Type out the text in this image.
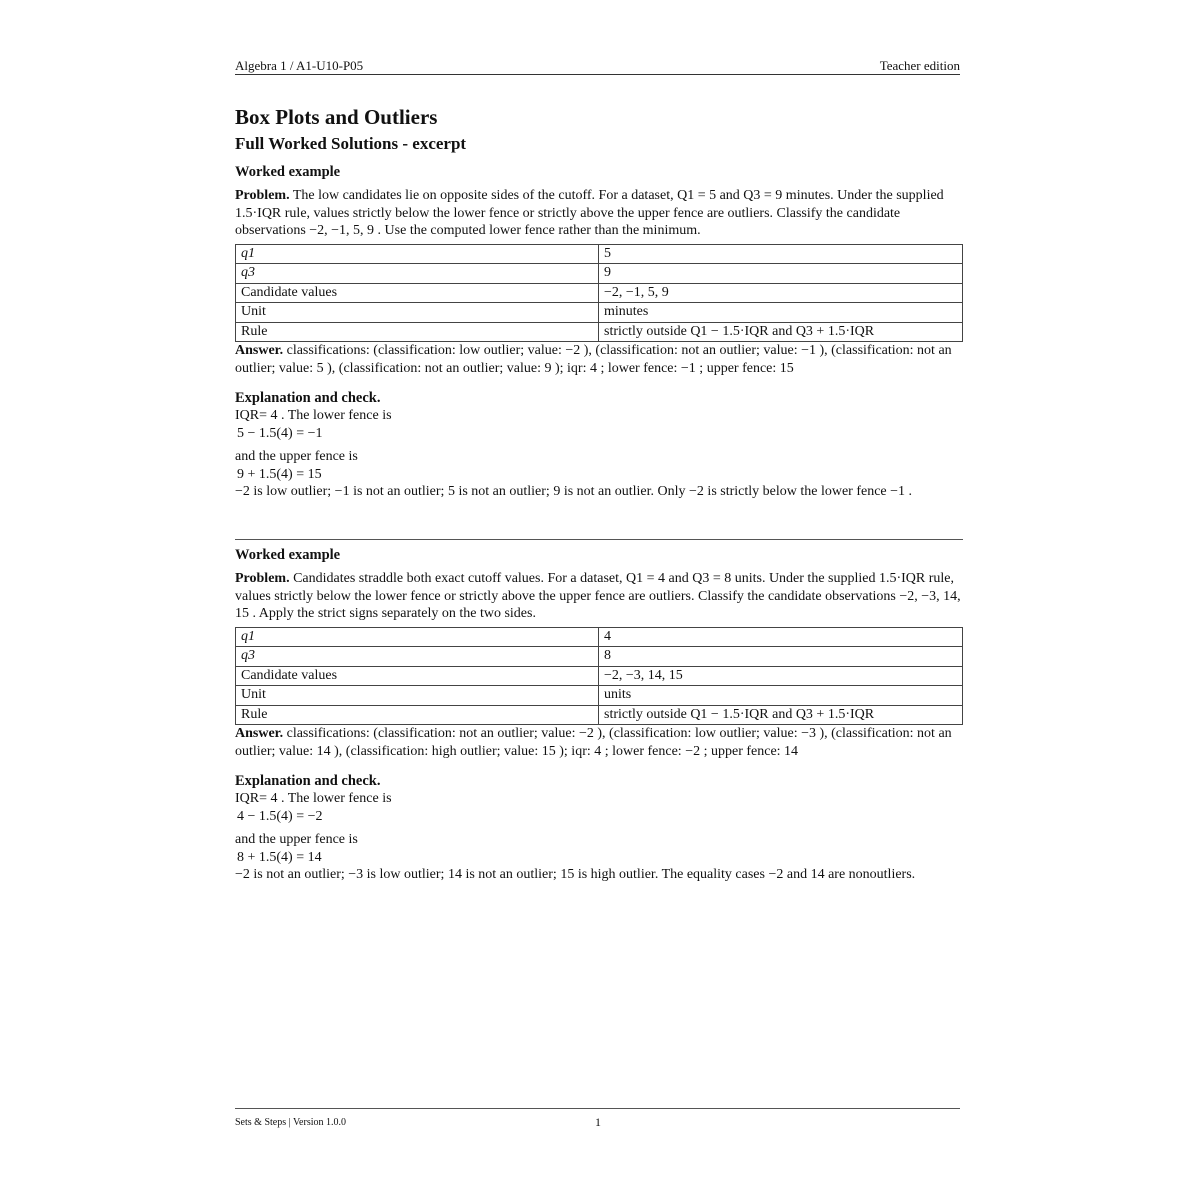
Algebra 1 / A1-U10-P05	Teacher edition
Box Plots and Outliers
Full Worked Solutions - excerpt
Worked example

Problem. The low candidates lie on opposite sides of the cutoff. For a dataset, Q1 = 5 and Q3 = 9 minutes. Under the supplied 1.5·IQR rule, values strictly below the lower fence or strictly above the upper fence are outliers. Classify the candidate observations −2, −1, 5, 9 . Use the computed lower fence rather than the minimum.

q1	5
q3	9
Candidate values	−2, −1, 5, 9
Unit	minutes
Rule	strictly outside Q1 − 1.5·IQR and Q3 + 1.5·IQR

Answer. classifications: (classification: low outlier; value: −2 ), (classification: not an outlier; value: −1 ), (classification: not an outlier; value: 5 ), (classification: not an outlier; value: 9 ); iqr: 4 ; lower fence: −1 ; upper fence: 15

Explanation and check.

IQR= 4 . The lower fence is

5 − 1.5(4) = −1

and the upper fence is

9 + 1.5(4) = 15

−2 is low outlier; −1 is not an outlier; 5 is not an outlier; 9 is not an outlier. Only −2 is strictly below the lower fence −1 .

Worked example

Problem. Candidates straddle both exact cutoff values. For a dataset, Q1 = 4 and Q3 = 8 units. Under the supplied 1.5·IQR rule, values strictly below the lower fence or strictly above the upper fence are outliers. Classify the candidate observations −2, −3, 14, 15 . Apply the strict signs separately on the two sides.

q1	4
q3	8
Candidate values	−2, −3, 14, 15
Unit	units
Rule	strictly outside Q1 − 1.5·IQR and Q3 + 1.5·IQR

Answer. classifications: (classification: not an outlier; value: −2 ), (classification: low outlier; value: −3 ), (classification: not an outlier; value: 14 ), (classification: high outlier; value: 15 ); iqr: 4 ; lower fence: −2 ; upper fence: 14

Explanation and check.

IQR= 4 . The lower fence is

4 − 1.5(4) = −2

and the upper fence is

8 + 1.5(4) = 14

−2 is not an outlier; −3 is low outlier; 14 is not an outlier; 15 is high outlier. The equality cases −2 and 14 are nonoutliers.

Sets & Steps | Version 1.0.0	1
